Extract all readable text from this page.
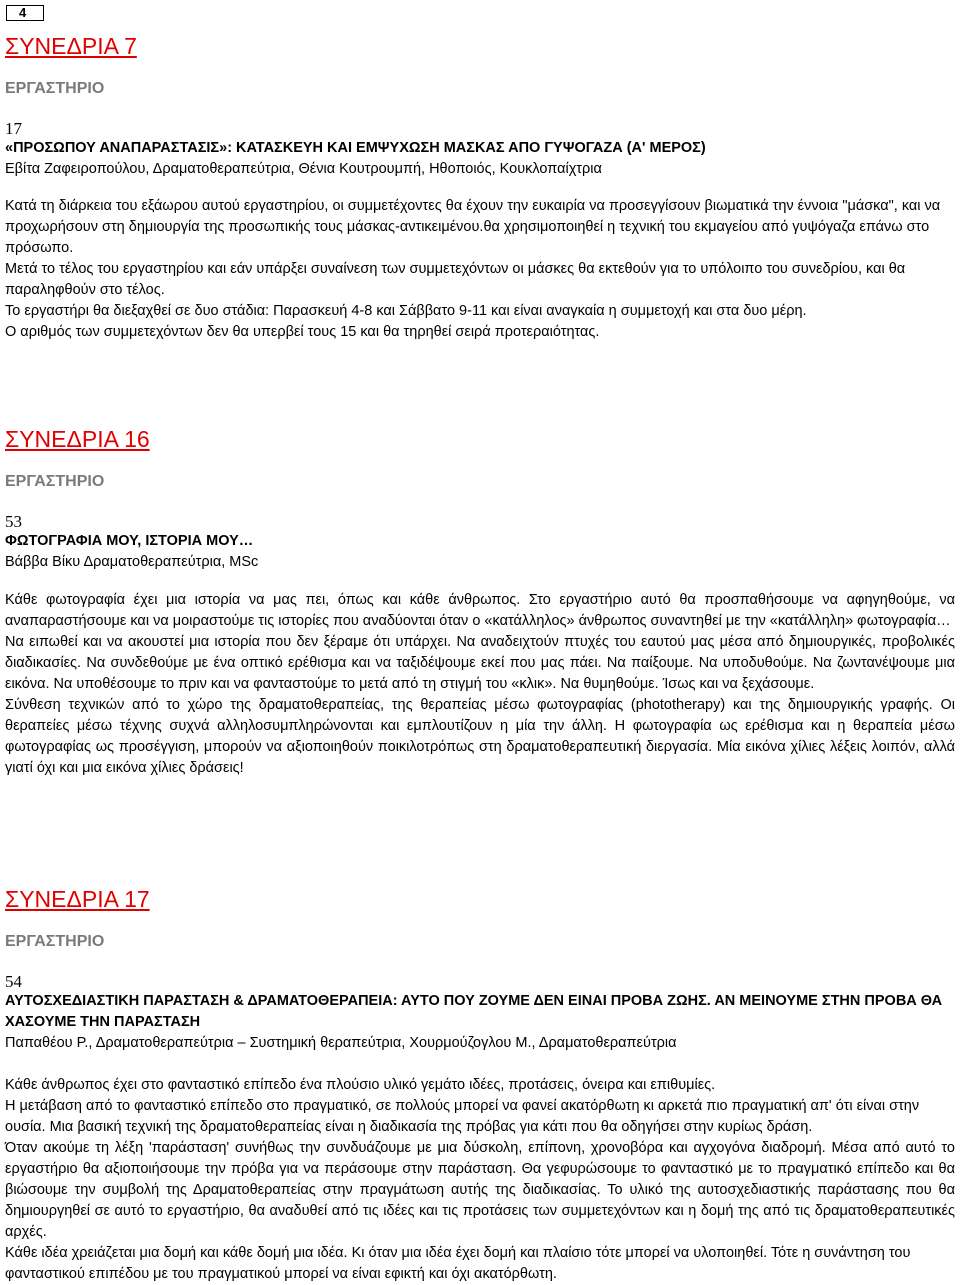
4
ΣΥΝΕΔΡΙΑ 7
ΕΡΓΑΣΤΗΡΙΟ
17
«ΠΡΟΣΩΠΟΥ ΑΝΑΠΑΡΑΣΤΑΣΙΣ»: ΚΑΤΑΣΚΕΥΗ ΚΑΙ ΕΜΨΥΧΩΣΗ ΜΑΣΚΑΣ ΑΠΟ ΓΥΨΟΓΑΖΑ (Α' ΜΕΡΟΣ)
Εβίτα Ζαφειροπούλου, Δραματοθεραπεύτρια, Θένια Κουτρουμπή, Ηθοποιός, Κουκλοπαίχτρια
Κατά τη διάρκεια του εξάωρου αυτού εργαστηρίου, οι συμμετέχοντες θα έχουν την ευκαιρία να προσεγγίσουν βιωματικά την έννοια "μάσκα", και να προχωρήσουν στη δημιουργία της προσωπικής τους μάσκας-αντικειμένου.θα χρησιμοποιηθεί η τεχνική του εκμαγείου από γυψόγαζα επάνω στο πρόσωπο.
Μετά το τέλος του εργαστηρίου και εάν υπάρξει συναίνεση των συμμετεχόντων οι μάσκες θα εκτεθούν για το υπόλοιπο του συνεδρίου, και θα παραληφθούν στο τέλος.
Το εργαστήρι θα διεξαχθεί σε δυο στάδια: Παρασκευή 4-8 και Σάββατο 9-11 και είναι αναγκαία η συμμετοχή και στα δυο μέρη.
Ο αριθμός των συμμετεχόντων δεν θα υπερβεί τους 15 και θα τηρηθεί σειρά προτεραιότητας.
ΣΥΝΕΔΡΙΑ 16
ΕΡΓΑΣΤΗΡΙΟ
53
ΦΩΤΟΓΡΑΦΙΑ ΜΟΥ, ΙΣΤΟΡΙΑ ΜΟΥ…
Βάββα Βίκυ Δραματοθεραπεύτρια, MSc
Κάθε φωτογραφία έχει μια ιστορία να μας πει, όπως και κάθε άνθρωπος. Στο εργαστήριο αυτό θα προσπαθήσουμε να αφηγηθούμε, να αναπαραστήσουμε και να μοιραστούμε τις ιστορίες που αναδύονται όταν ο «κατάλληλος» άνθρωπος συναντηθεί με την «κατάλληλη» φωτογραφία…
Να ειπωθεί και να ακουστεί μια ιστορία που δεν ξέραμε ότι υπάρχει. Να αναδειχτούν πτυχές του εαυτού μας μέσα από δημιουργικές, προβολικές διαδικασίες. Να συνδεθούμε με ένα οπτικό ερέθισμα και να ταξιδέψουμε εκεί που μας πάει. Να παίξουμε. Να υποδυθούμε. Να ζωντανέψουμε μια εικόνα. Να υποθέσουμε το πριν και να φανταστούμε το μετά από τη στιγμή του «κλικ». Να θυμηθούμε. Ίσως και να ξεχάσουμε.
Σύνθεση τεχνικών από το χώρο της δραματοθεραπείας, της θεραπείας μέσω φωτογραφίας (phototherapy) και της δημιουργικής γραφής. Οι θεραπείες μέσω τέχνης συχνά αλληλοσυμπληρώνονται και εμπλουτίζουν η μία την άλλη. Η φωτογραφία ως ερέθισμα και η θεραπεία μέσω φωτογραφίας ως προσέγγιση, μπορούν να αξιοποιηθούν ποικιλοτρόπως στη δραματοθεραπευτική διεργασία. Μία εικόνα χίλιες λέξεις λοιπόν, αλλά γιατί όχι και μια εικόνα χίλιες δράσεις!
ΣΥΝΕΔΡΙΑ 17
ΕΡΓΑΣΤΗΡΙΟ
54
ΑΥΤΟΣΧΕΔΙΑΣΤΙΚΗ ΠΑΡΑΣΤΑΣΗ & ΔΡΑΜΑΤΟΘΕΡΑΠΕΙΑ: ΑΥΤΟ ΠΟΥ ΖΟΥΜΕ ΔΕΝ ΕΙΝΑΙ ΠΡΟΒΑ ΖΩΗΣ. ΑΝ ΜΕΙΝΟΥΜΕ ΣΤΗΝ ΠΡΟΒΑ ΘΑ ΧΑΣΟΥΜΕ ΤΗΝ ΠΑΡΑΣΤΑΣΗ
Παπαθέου Ρ., Δραματοθεραπεύτρια – Συστημική θεραπεύτρια, Χουρμούζογλου Μ., Δραματοθεραπεύτρια
Κάθε άνθρωπος έχει στο φανταστικό επίπεδο ένα πλούσιο υλικό γεμάτο ιδέες, προτάσεις, όνειρα και επιθυμίες.
Η μετάβαση από το φανταστικό επίπεδο στο πραγματικό, σε πολλούς μπορεί να φανεί ακατόρθωτη κι αρκετά πιο πραγματική απ' ότι είναι στην ουσία. Μια βασική τεχνική της δραματοθεραπείας είναι η διαδικασία της πρόβας για κάτι που θα οδηγήσει στην κυρίως δράση.
Όταν ακούμε τη λέξη 'παράσταση' συνήθως την συνδυάζουμε με μια δύσκολη, επίπονη, χρονοβόρα και αγχογόνα διαδρομή. Μέσα από αυτό το εργαστήριο θα αξιοποιήσουμε την πρόβα για να περάσουμε στην παράσταση. Θα γεφυρώσουμε το φανταστικό με το πραγματικό επίπεδο και θα βιώσουμε την συμβολή της Δραματοθεραπείας στην πραγμάτωση αυτής της διαδικασίας. Το υλικό της αυτοσχεδιαστικής παράστασης που θα δημιουργηθεί σε αυτό το εργαστήριο, θα αναδυθεί από τις ιδέες και τις προτάσεις των συμμετεχόντων και η δομή της από τις δραματοθεραπευτικές αρχές.
Κάθε ιδέα χρειάζεται μια δομή και κάθε δομή μια ιδέα. Κι όταν μια ιδέα έχει δομή και πλαίσιο τότε μπορεί να υλοποιηθεί. Τότε η συνάντηση του φανταστικού επιπέδου με του πραγματικού μπορεί να είναι εφικτή και όχι ακατόρθωτη.
